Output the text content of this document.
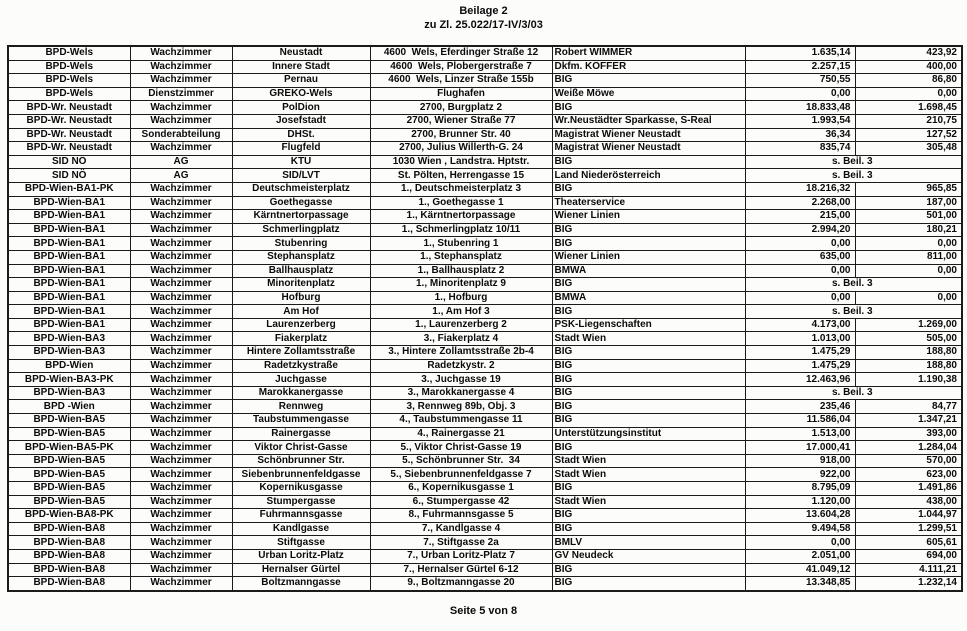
Beilage 2
zu Zl. 25.022/17-IV/3/03
BPD-Wels	Wachzimmer	Neustadt	4600  Wels, Eferdinger Straße 12	Robert WIMMER	1.635,14	423,92
BPD-Wels	Wachzimmer	Innere Stadt	4600  Wels, Plobergerstraße 7	Dkfm. KÖFFER	2.257,15	400,00
BPD-Wels	Wachzimmer	Pernau	4600  Wels, Linzer Straße 155b	BIG	750,55	86,80
BPD-Wels	Dienstzimmer	GREKO-Wels	Flughafen	Weiße Möwe	0,00	0,00
BPD-Wr. Neustadt	Wachzimmer	PolDion	2700, Burgplatz 2	BIG	18.833,48	1.698,45
BPD-Wr. Neustadt	Wachzimmer	Josefstadt	2700, Wiener Straße 77	Wr.Neustädter Sparkasse, S-Real	1.993,54	210,75
BPD-Wr. Neustadt	Sonderabteilung	DHSt.	2700, Brunner Str. 40	Magistrat Wiener Neustadt	36,34	127,52
BPD-Wr. Neustadt	Wachzimmer	Flugfeld	2700, Julius Willerth-G. 24	Magistrat Wiener Neustadt	835,74	305,48
SID NÖ	AG	KTU	1030 Wien , Landstra. Hptstr.	BIG	s. Beil. 3	
SID NÖ	AG	SID/LVT	St. Pölten, Herrengasse 15	Land Niederösterreich	s. Beil. 3	
BPD-Wien-BA1-PK	Wachzimmer	Deutschmeisterplatz	1., Deutschmeisterplatz 3	BIG	18.216,32	965,85
BPD-Wien-BA1	Wachzimmer	Goethegasse	1., Goethegasse 1	Theaterservice	2.268,00	187,00
BPD-Wien-BA1	Wachzimmer	Kärntnertorpassage	1., Kärntnertorpassage	Wiener Linien	215,00	501,00
BPD-Wien-BA1	Wachzimmer	Schmerlingplatz	1., Schmerlingplatz 10/11	BIG	2.994,20	180,21
BPD-Wien-BA1	Wachzimmer	Stubenring	1., Stubenring 1	BIG	0,00	0,00
BPD-Wien-BA1	Wachzimmer	Stephansplatz	1., Stephansplatz	Wiener Linien	635,00	811,00
BPD-Wien-BA1	Wachzimmer	Ballhausplatz	1., Ballhausplatz 2	BMWA	0,00	0,00
BPD-Wien-BA1	Wachzimmer	Minoritenplatz	1., Minoritenplatz 9	BIG	s. Beil. 3	
BPD-Wien-BA1	Wachzimmer	Hofburg	1., Hofburg	BMWA	0,00	0,00
BPD-Wien-BA1	Wachzimmer	Am Hof	1., Am Hof 3	BIG	s. Beil. 3	
BPD-Wien-BA1	Wachzimmer	Laurenzerberg	1., Laurenzerberg 2	PSK-Liegenschaften	4.173,00	1.269,00
BPD-Wien-BA3	Wachzimmer	Fiakerplatz	3., Fiakerplatz 4	Stadt Wien	1.013,00	505,00
BPD-Wien-BA3	Wachzimmer	Hintere Zollamtsstraße	3., Hintere Zollamtsstraße 2b-4	BIG	1.475,29	188,80
BPD-Wien	Wachzimmer	Radetzkystraße	Radetzkystr. 2	BIG	1.475,29	188,80
BPD-Wien-BA3-PK	Wachzimmer	Juchgasse	3., Juchgasse 19	BIG	12.463,96	1.190,38
BPD-Wien-BA3	Wachzimmer	Marokkanergasse	3., Marokkanergasse 4	BIG	s. Beil. 3	
BPD -Wien	Wachzimmer	Rennweg	3, Rennweg 89b, Obj. 3	BIG	235,46	84,77
BPD-Wien-BA5	Wachzimmer	Taubstummengasse	4., Taubstummengasse 11	BIG	11.586,04	1.347,21
BPD-Wien-BA5	Wachzimmer	Rainergasse	4., Rainergasse 21	Unterstützungsinstitut	1.513,00	393,00
BPD-Wien-BA5-PK	Wachzimmer	Viktor Christ-Gasse	5., Viktor Christ-Gasse 19	BIG	17.000,41	1.284,04
BPD-Wien-BA5	Wachzimmer	Schönbrunner Str.	5., Schönbrunner Str.  34	Stadt Wien	918,00	570,00
BPD-Wien-BA5	Wachzimmer	Siebenbrunnenfeldgasse	5., Siebenbrunnenfeldgasse 7	Stadt Wien	922,00	623,00
BPD-Wien-BA5	Wachzimmer	Kopernikusgasse	6., Kopernikusgasse 1	BIG	8.795,09	1.491,86
BPD-Wien-BA5	Wachzimmer	Stumpergasse	6., Stumpergasse 42	Stadt Wien	1.120,00	438,00
BPD-Wien-BA8-PK	Wachzimmer	Fuhrmannsgasse	8., Fuhrmannsgasse 5	BIG	13.604,28	1.044,97
BPD-Wien-BA8	Wachzimmer	Kandlgasse	7., Kandlgasse 4	BIG	9.494,58	1.299,51
BPD-Wien-BA8	Wachzimmer	Stiftgasse	7., Stiftgasse 2a	BMLV	0,00	605,61
BPD-Wien-BA8	Wachzimmer	Urban Loritz-Platz	7., Urban Loritz-Platz 7	GV Neudeck	2.051,00	694,00
BPD-Wien-BA8	Wachzimmer	Hernalser Gürtel	7., Hernalser Gürtel 6-12	BIG	41.049,12	4.111,21
BPD-Wien-BA8	Wachzimmer	Boltzmanngasse	9., Boltzmanngasse 20	BIG	13.348,85	1.232,14
Seite 5 von 8
